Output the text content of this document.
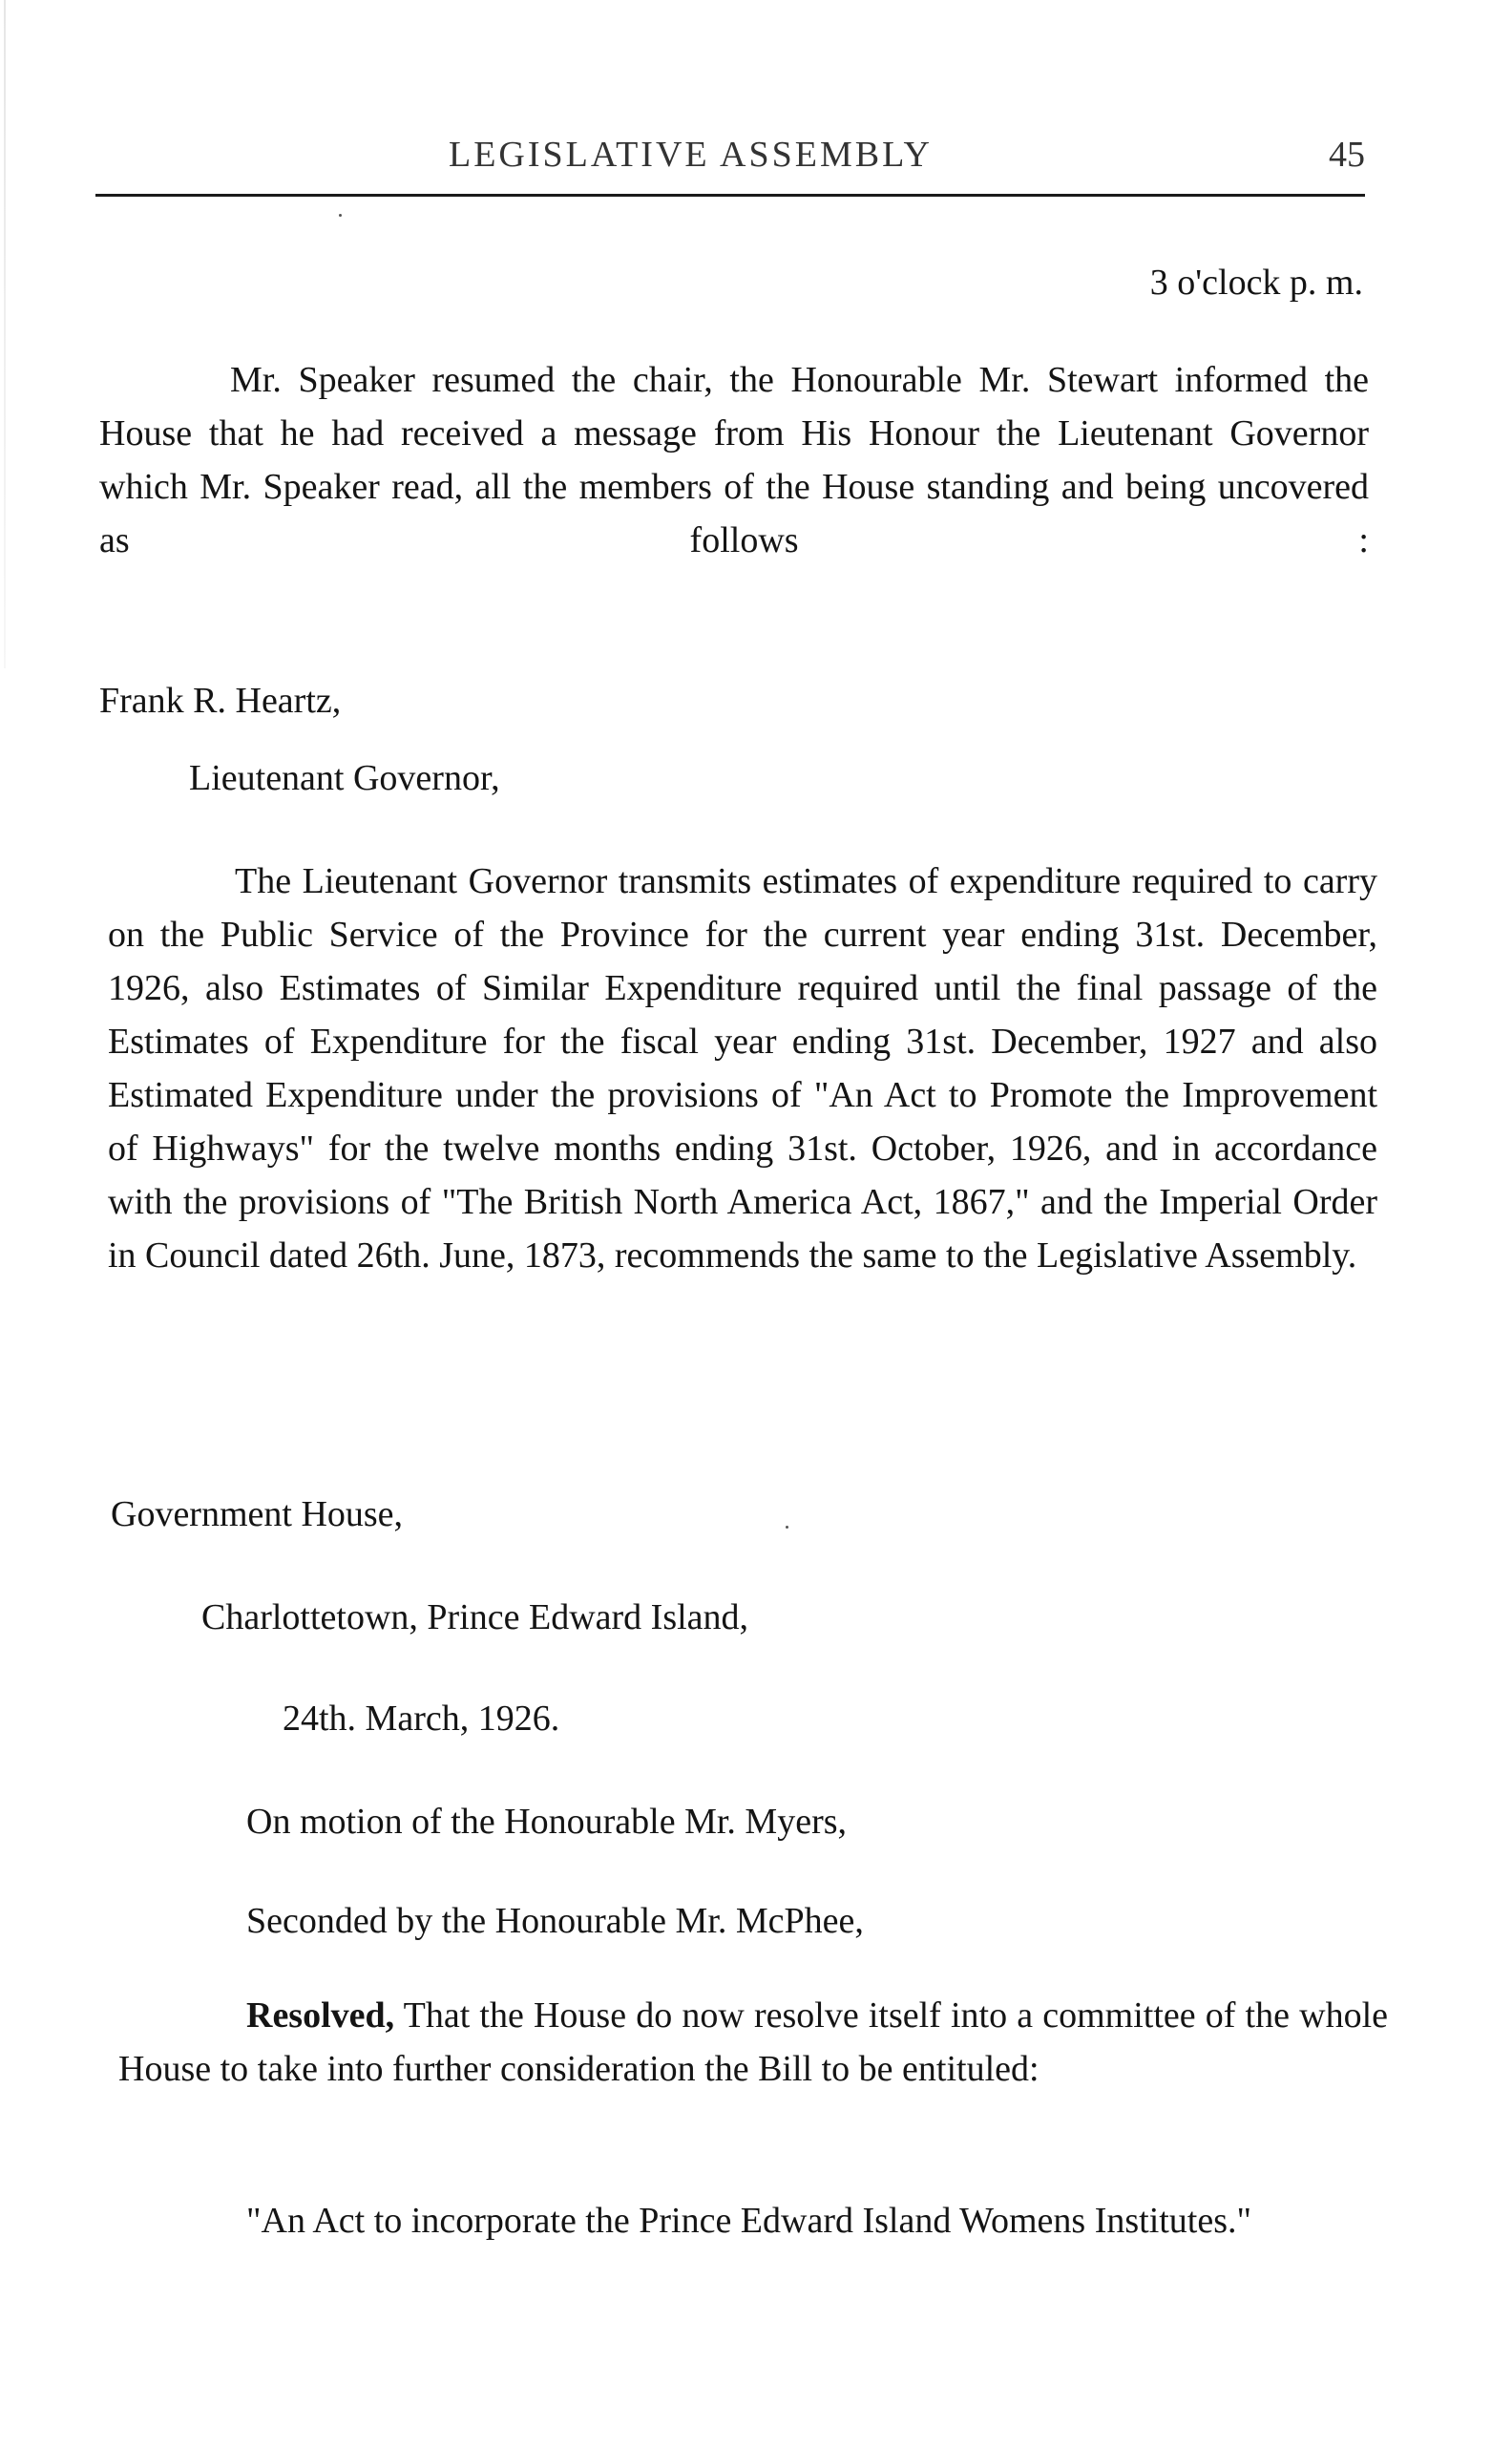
LEGISLATIVE ASSEMBLY	45

3 o'clock p. m.

Mr. Speaker resumed the chair, the Honourable Mr. Stewart informed the House that he had received a message from His Honour the Lieutenant Governor which Mr. Speaker read, all the members of the House standing and being uncovered as follows :

Frank R. Heartz,

Lieutenant Governor,

The Lieutenant Governor transmits estimates of expenditure required to carry on the Public Service of the Province for the current year ending 31st. December, 1926, also Estimates of Similar Expenditure required until the final passage of the Estimates of Expenditure for the fiscal year ending 31st. December, 1927 and also Estimated Expenditure under the provisions of "An Act to Promote the Improvement of Highways" for the twelve months ending 31st. October, 1926, and in accordance with the provisions of "The British North America Act, 1867," and the Imperial Order in Council dated 26th. June, 1873, recommends the same to the Legislative Assembly.

Government House,

Charlottetown, Prince Edward Island,

24th. March, 1926.

On motion of the Honourable Mr. Myers,

Seconded by the Honourable Mr. McPhee,

Resolved, That the House do now resolve itself into a committee of the whole House to take into further consideration the Bill to be entituled:

"An Act to incorporate the Prince Edward Island Womens Institutes."
